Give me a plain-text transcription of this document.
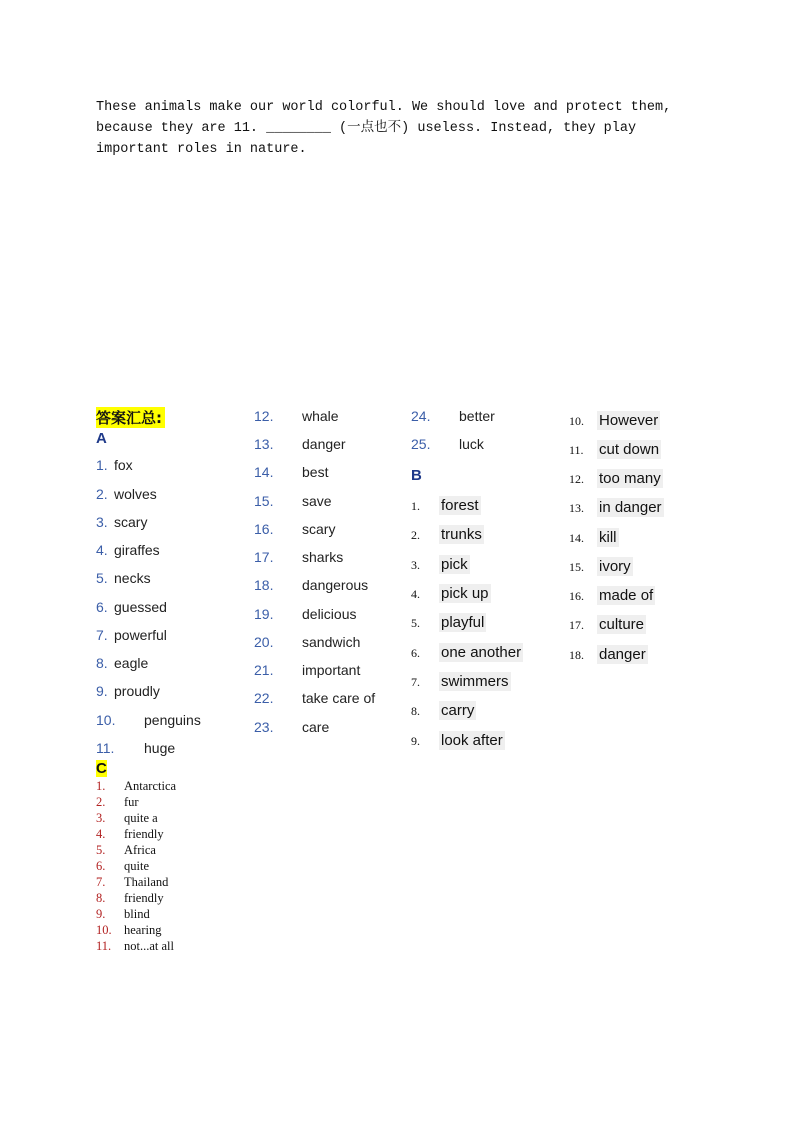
These animals make our world colorful. We should love and protect them,
because they are 11. ________ (一点也不) useless. Instead, they play
important roles in nature.
答案汇总:
A
1. fox
2. wolves
3. scary
4. giraffes
5. necks
6. guessed
7. powerful
8. eagle
9. proudly
10. penguins
11. huge
12. whale
13. danger
14. best
15. save
16. scary
17. sharks
18. dangerous
19. delicious
20. sandwich
21. important
22. take care of
23. care
24. better
25. luck
B
1. forest
2. trunks
3. pick
4. pick up
5. playful
6. one another
7. swimmers
8. carry
9. look after
10. However
11. cut down
12. too many
13. in danger
14. kill
15. ivory
16. made of
17. culture
18. danger
C
1. Antarctica
2. fur
3. quite a
4. friendly
5. Africa
6. quite
7. Thailand
8. friendly
9. blind
10. hearing
11. not...at all
